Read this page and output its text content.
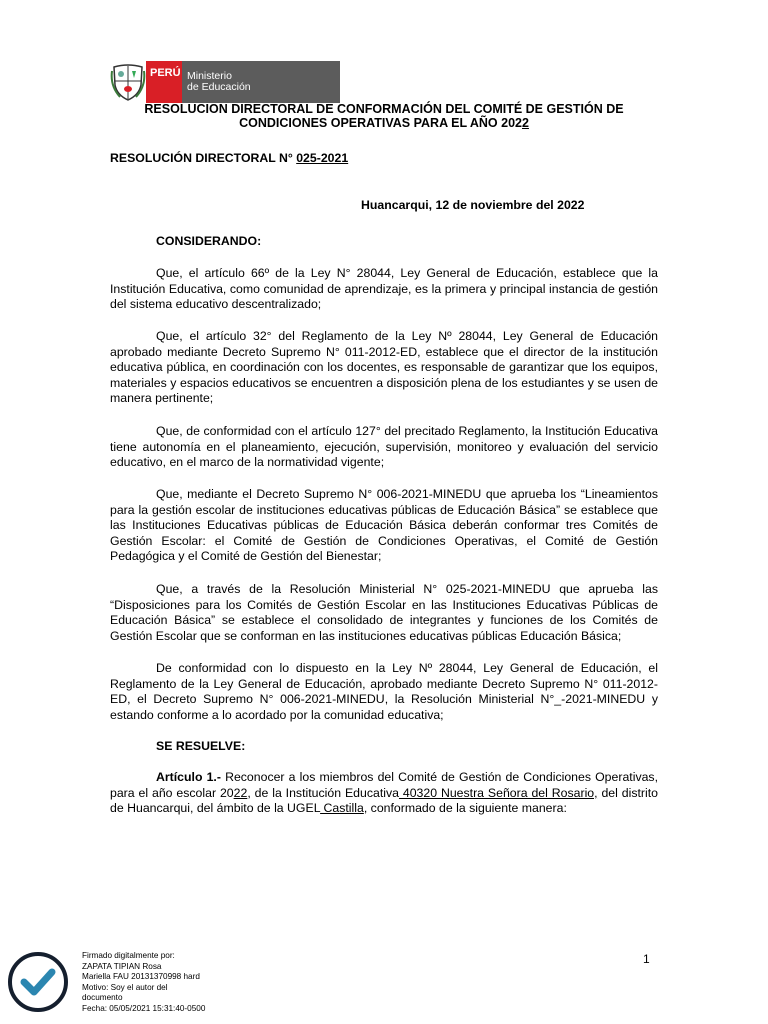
PERÚ Ministerio
de Educación
RESOLUCION DIRECTORAL DE CONFORMACIÓN DEL COMITÉ DE GESTIÓN DE
CONDICIONES OPERATIVAS PARA EL AÑO 2022
RESOLUCIÓN DIRECTORAL N° 025-2021
Huancarqui, 12 de noviembre del 2022
CONSIDERANDO:
Que, el artículo 66º de la Ley N° 28044, Ley General de Educación, establece que la Institución Educativa, como comunidad de aprendizaje, es la primera y principal instancia de gestión del sistema educativo descentralizado;
Que, el artículo 32° del Reglamento de la Ley Nº 28044, Ley General de Educación aprobado mediante Decreto Supremo N° 011-2012-ED, establece que el director de la institución educativa pública, en coordinación con los docentes, es responsable de garantizar que los equipos, materiales y espacios educativos se encuentren a disposición plena de los estudiantes y se usen de manera pertinente;
Que, de conformidad con el artículo 127° del precitado Reglamento, la Institución Educativa tiene autonomía en el planeamiento, ejecución, supervisión, monitoreo y evaluación del servicio educativo, en el marco de la normatividad vigente;
Que, mediante el Decreto Supremo N° 006-2021-MINEDU que aprueba los “Lineamientos para la gestión escolar de instituciones educativas públicas de Educación Básica” se establece que las Instituciones Educativas públicas de Educación Básica deberán conformar tres Comités de Gestión Escolar: el Comité de Gestión de Condiciones Operativas, el Comité de Gestión Pedagógica y el Comité de Gestión del Bienestar;
Que, a través de la Resolución Ministerial N° 025-2021-MINEDU que aprueba las “Disposiciones para los Comités de Gestión Escolar en las Instituciones Educativas Públicas de Educación Básica” se establece el consolidado de integrantes y funciones de los Comités de Gestión Escolar que se conforman en las instituciones educativas públicas Educación Básica;
De conformidad con lo dispuesto en la Ley Nº 28044, Ley General de Educación, el Reglamento de la Ley General de Educación, aprobado mediante Decreto Supremo N° 011-2012-ED, el Decreto Supremo N° 006-2021-MINEDU, la Resolución Ministerial N°_-2021-MINEDU y estando conforme a lo acordado por la comunidad educativa;
SE RESUELVE:
Artículo 1.- Reconocer a los miembros del Comité de Gestión de Condiciones Operativas, para el año escolar 2022, de la Institución Educativa 40320 Nuestra Señora del Rosario, del distrito de Huancarqui, del ámbito de la UGEL Castilla, conformado de la siguiente manera:
Firmado digitalmente por:
ZAPATA TIPIAN Rosa
Mariella FAU 20131370998 hard
Motivo: Soy el autor del
documento
Fecha: 05/05/2021 15:31:40-0500
1
